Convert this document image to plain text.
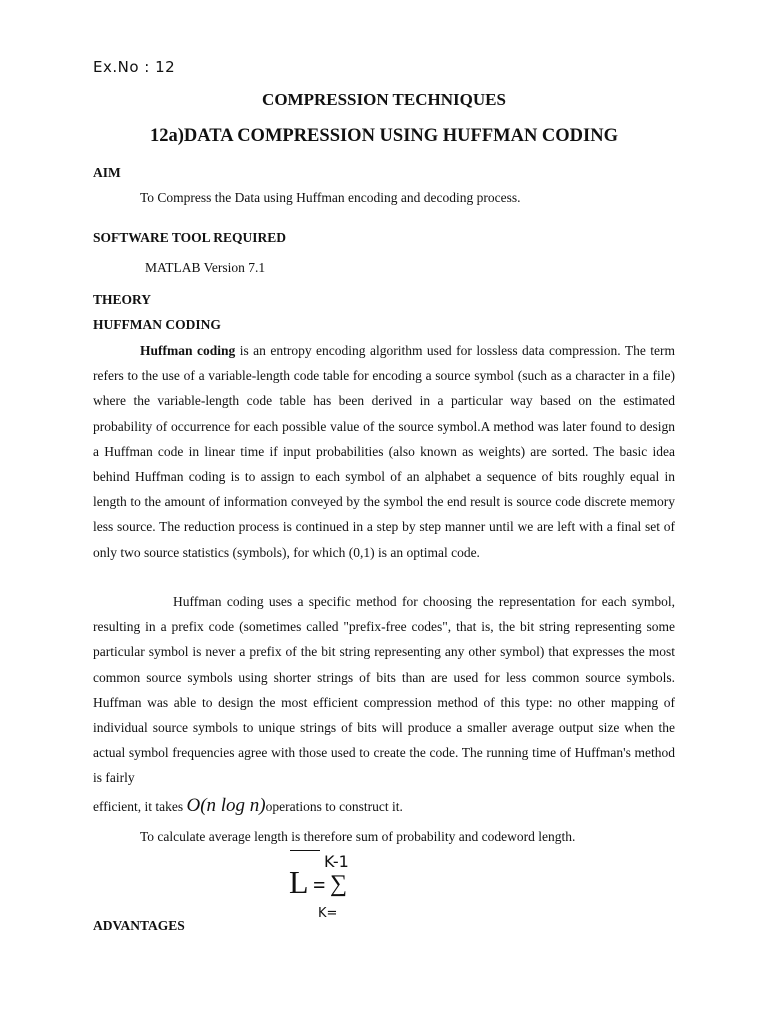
Ex.No : 12
COMPRESSION TECHNIQUES
12a)DATA COMPRESSION USING HUFFMAN CODING
AIM
To Compress the Data using Huffman encoding and decoding process.
SOFTWARE TOOL REQUIRED
MATLAB Version 7.1
THEORY
HUFFMAN CODING

Huffman coding is an entropy encoding algorithm used for lossless data compression. The term refers to the use of a variable-length code table for encoding a source symbol (such as a character in a file) where the variable-length code table has been derived in a particular way based on the estimated probability of occurrence for each possible value of the source symbol.A method was later found to design a Huffman code in linear time if input probabilities (also known as weights) are sorted. The basic idea behind Huffman coding is to assign to each symbol of an alphabet a sequence of bits roughly equal in length to the amount of information conveyed by the symbol the end result is source code discrete memory less source. The reduction process is continued in a step by step manner until we are left with a final set of only two source statistics (symbols), for which (0,1) is an optimal code.

Huffman coding uses a specific method for choosing the representation for each symbol, resulting in a prefix code (sometimes called "prefix-free codes", that is, the bit string representing some particular symbol is never a prefix of the bit string representing any other symbol) that expresses the most common source symbols using shorter strings of bits than are used for less common source symbols. Huffman was able to design the most efficient compression method of this type: no other mapping of individual source symbols to unique strings of bits will produce a smaller average output size when the actual symbol frequencies agree with those used to create the code. The running time of Huffman's method is fairly

efficient, it takes O(n log n)operations to construct it.
To calculate average length is therefore sum of probability and codeword length.
K-1
L = ∑
K=
ADVANTAGES
